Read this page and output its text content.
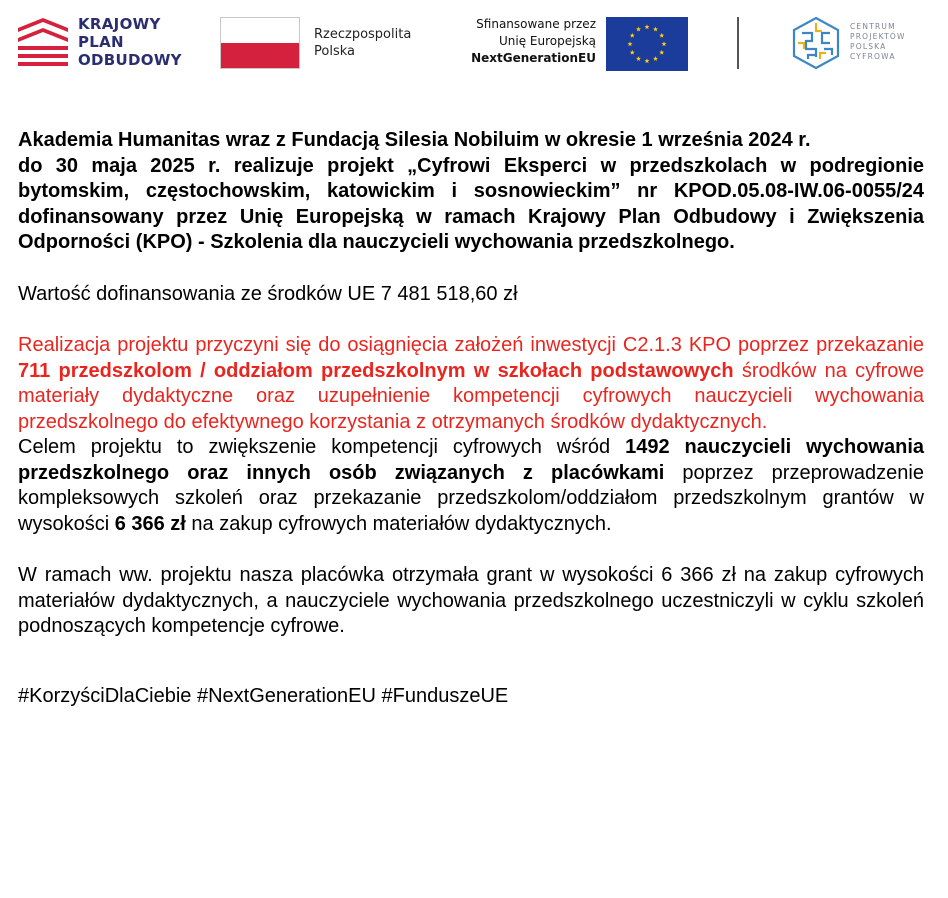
KRAJOWY
PLAN
ODBUDOWY
Rzeczpospolita
Polska
Sfinansowane przez
Unię Europejską
NextGenerationEU
CENTRUM
PROJEKTÓW
POLSKA
CYFROWA

Akademia Humanitas wraz z Fundacją Silesia Nobiluim w okresie 1 września 2024 r.
do 30 maja 2025 r. realizuje projekt „Cyfrowi Eksperci w przedszkolach w podregionie bytomskim, częstochowskim, katowickim i sosnowieckim” nr KPOD.05.08-IW.06-0055/24 dofinansowany przez Unię Europejską w ramach Krajowy Plan Odbudowy i Zwiększenia Odporności (KPO) - Szkolenia dla nauczycieli wychowania przedszkolnego.

Wartość dofinansowania ze środków UE 7 481 518,60 zł

Realizacja projektu przyczyni się do osiągnięcia założeń inwestycji C2.1.3 KPO poprzez przekazanie 711 przedszkolom / oddziałom przedszkolnym w szkołach podstawowych środków na cyfrowe materiały dydaktyczne oraz uzupełnienie kompetencji cyfrowych nauczycieli wychowania przedszkolnego do efektywnego korzystania z otrzymanych środków dydaktycznych.

Celem projektu to zwiększenie kompetencji cyfrowych wśród 1492 nauczycieli wychowania przedszkolnego oraz innych osób związanych z placówkami poprzez przeprowadzenie kompleksowych szkoleń oraz przekazanie przedszkolom/oddziałom przedszkolnym grantów w wysokości 6 366 zł na zakup cyfrowych materiałów dydaktycznych.

W ramach ww. projektu nasza placówka otrzymała grant w wysokości 6 366 zł na zakup cyfrowych materiałów dydaktycznych, a nauczyciele wychowania przedszkolnego uczestniczyli w cyklu szkoleń podnoszących kompetencje cyfrowe.

#KorzyściDlaCiebie #NextGenerationEU #FunduszeUE
